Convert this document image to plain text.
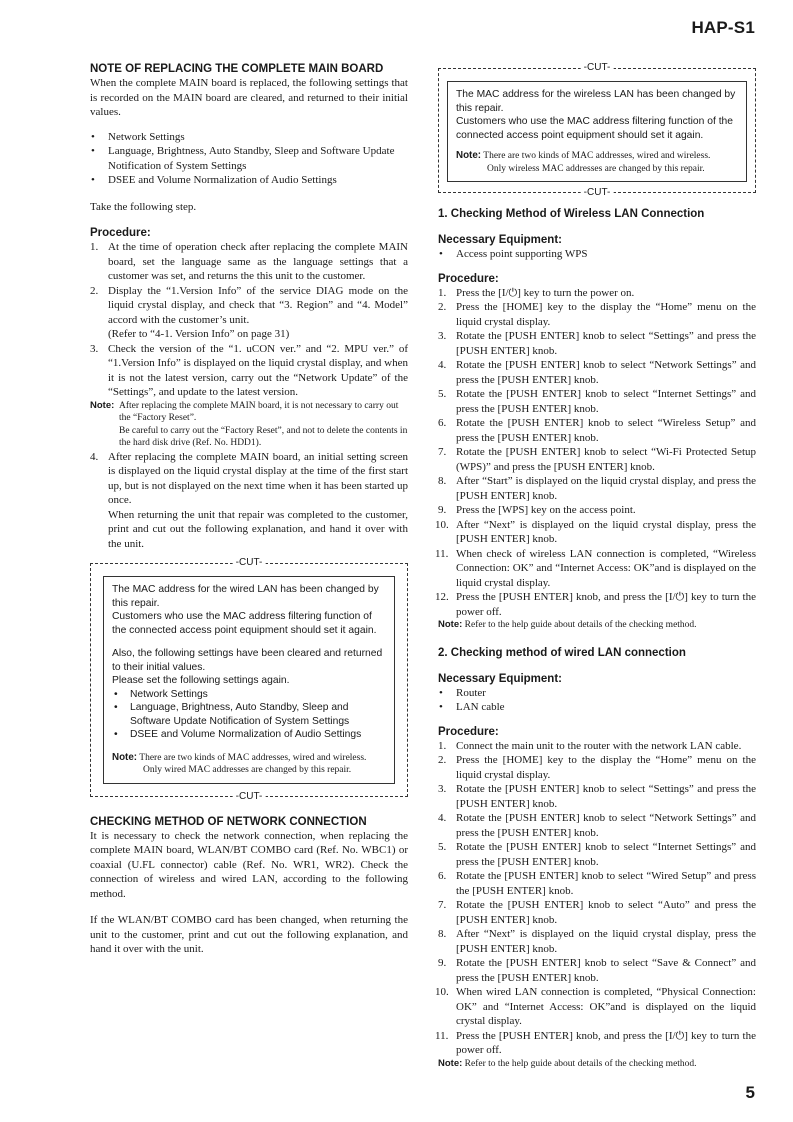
HAP-S1
NOTE OF REPLACING THE COMPLETE MAIN BOARD

When the complete MAIN board is replaced, the following settings that is recorded on the MAIN board are cleared, and returned to their initial values.

• Network Settings
• Language, Brightness, Auto Standby, Sleep and Software Update Notification of System Settings
• DSEE and Volume Normalization of Audio Settings

Take the following step.

Procedure:
1. At the time of operation check after replacing the complete MAIN board, set the language same as the language settings that a customer was set, and returns the this unit to the customer.
2. Display the “1.Version Info” of the service DIAG mode on the liquid crystal display, and check that “3. Region” and “4. Model” accord with the customer’s unit.
(Refer to “4-1. Version Info” on page 31)
3. Check the version of the “1. uCON ver.” and “2. MPU ver.” of “1.Version Info” is displayed on the liquid crystal display, and when it is not the latest version, carry out the “Network Update” of the “Settings”, and update to the latest version.
Note: After replacing the complete MAIN board, it is not necessary to carry out the “Factory Reset”.

Be careful to carry out the “Factory Reset”, and not to delete the contents in the hard disk drive (Ref. No. HDD1).
4. After replacing the complete MAIN board, an initial setting screen is displayed on the liquid crystal display at the time of the first start up, but is not displayed on the next time when it has been started up once.
When returning the unit that repair was completed to the customer, print and cut out the following explanation, and hand it over with the unit.
-CUT-

The MAC address for the wired LAN has been changed by this repair.

Customers who use the MAC address filtering function of the connected access point equipment should set it again.

Also, the following settings have been cleared and returned to their initial values.

Please set the following settings again.

• Network Settings
• Language, Brightness, Auto Standby, Sleep and Software Update Notification of System Settings
• DSEE and Volume Normalization of Audio Settings
Note: There are two kinds of MAC addresses, wired and wireless.
Only wired MAC addresses are changed by this repair.
-CUT-
CHECKING METHOD OF NETWORK CONNECTION

It is necessary to check the network connection, when replacing the complete MAIN board, WLAN/BT COMBO card (Ref. No. WBC1) or coaxial (U.FL connector) cable (Ref. No. WR1, WR2). Check the connection of wireless and wired LAN, according to the following method.

If the WLAN/BT COMBO card has been changed, when returning the unit to the customer, print and cut out the following explanation, and hand it over with the unit.

-CUT-

The MAC address for the wireless LAN has been changed by this repair.

Customers who use the MAC address filtering function of the connected access point equipment should set it again.

Note: There are two kinds of MAC addresses, wired and wireless.
Only wireless MAC addresses are changed by this repair.
-CUT-
1. Checking Method of Wireless LAN Connection
Necessary Equipment:
• Access point supporting WPS
Procedure:
1. Press the [I/⏻] key to turn the power on.
2. Press the [HOME] key to the display the “Home” menu on the liquid crystal display.
3. Rotate the [PUSH ENTER] knob to select “Settings” and press the [PUSH ENTER] knob.
4. Rotate the [PUSH ENTER] knob to select “Network Settings” and press the [PUSH ENTER] knob.
5. Rotate the [PUSH ENTER] knob to select “Internet Settings” and press the [PUSH ENTER] knob.
6. Rotate the [PUSH ENTER] knob to select “Wireless Setup” and press the [PUSH ENTER] knob.
7. Rotate the [PUSH ENTER] knob to select “Wi-Fi Protected Setup (WPS)” and press the [PUSH ENTER] knob.
8. After “Start” is displayed on the liquid crystal display, and press the [PUSH ENTER] knob.
9. Press the [WPS] key on the access point.
10. After “Next” is displayed on the liquid crystal display, press the [PUSH ENTER] knob.
11. When check of wireless LAN connection is completed, “Wireless Connection: OK” and “Internet Access: OK”and is displayed on the liquid crystal display.
12. Press the [PUSH ENTER] knob, and press the [I/⏻] key to turn the power off.
Note: Refer to the help guide about details of the checking method.
2. Checking method of wired LAN connection
Necessary Equipment:
• Router
• LAN cable
Procedure:
1. Connect the main unit to the router with the network LAN cable.
2. Press the [HOME] key to the display the “Home” menu on the liquid crystal display.
3. Rotate the [PUSH ENTER] knob to select “Settings” and press the [PUSH ENTER] knob.
4. Rotate the [PUSH ENTER] knob to select “Network Settings” and press the [PUSH ENTER] knob.
5. Rotate the [PUSH ENTER] knob to select “Internet Settings” and press the [PUSH ENTER] knob.
6. Rotate the [PUSH ENTER] knob to select “Wired Setup” and press the [PUSH ENTER] knob.
7. Rotate the [PUSH ENTER] knob to select “Auto” and press the [PUSH ENTER] knob.
8. After “Next” is displayed on the liquid crystal display, press the [PUSH ENTER] knob.
9. Rotate the [PUSH ENTER] knob to select “Save & Connect” and press the [PUSH ENTER] knob.
10. When wired LAN connection is completed, “Physical Connection: OK” and “Internet Access: OK”and is displayed on the liquid crystal display.
11. Press the [PUSH ENTER] knob, and press the [I/⏻] key to turn the power off.
Note: Refer to the help guide about details of the checking method.
5
